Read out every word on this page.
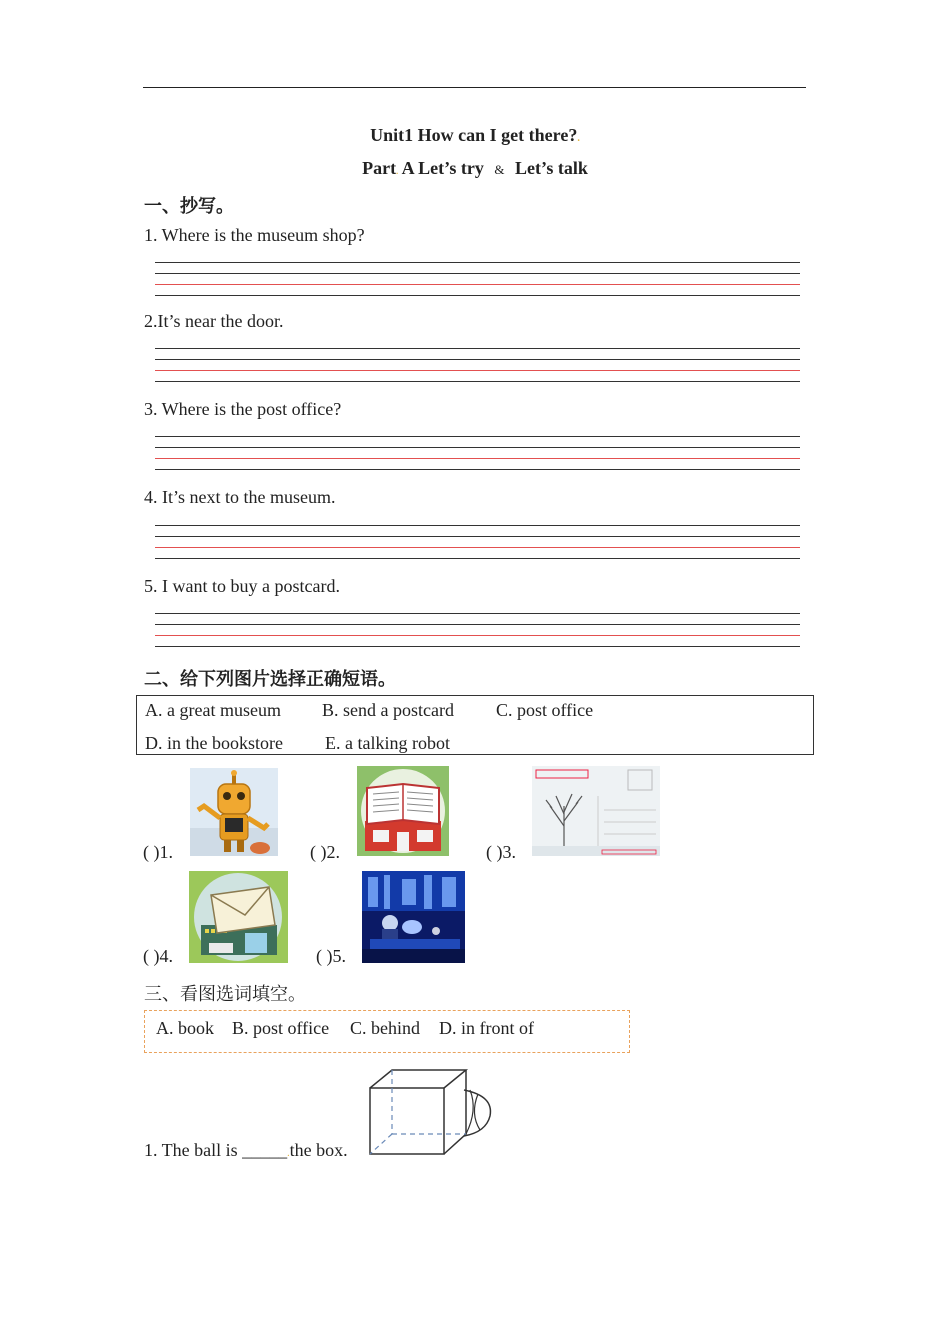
Unit1 How can I get there?.
Part. A Let’s try & Let’s talk
一、抄写。
1. Where is the museum shop?
2.It’s near the door.
3. Where is the post office?
4. It’s next to the museum.
5. I want to buy a postcard.
二、给下列图片选择正确短语。
A. a great museum B. send a postcard C. post office
D. in the bookstore E. a talking robot
( )1.	( )2.	( )3.
( )4.	( )5.
三、看图选词填空。
A. book B. post office C. behind D. in front of
1. The ball is _____.the box.
